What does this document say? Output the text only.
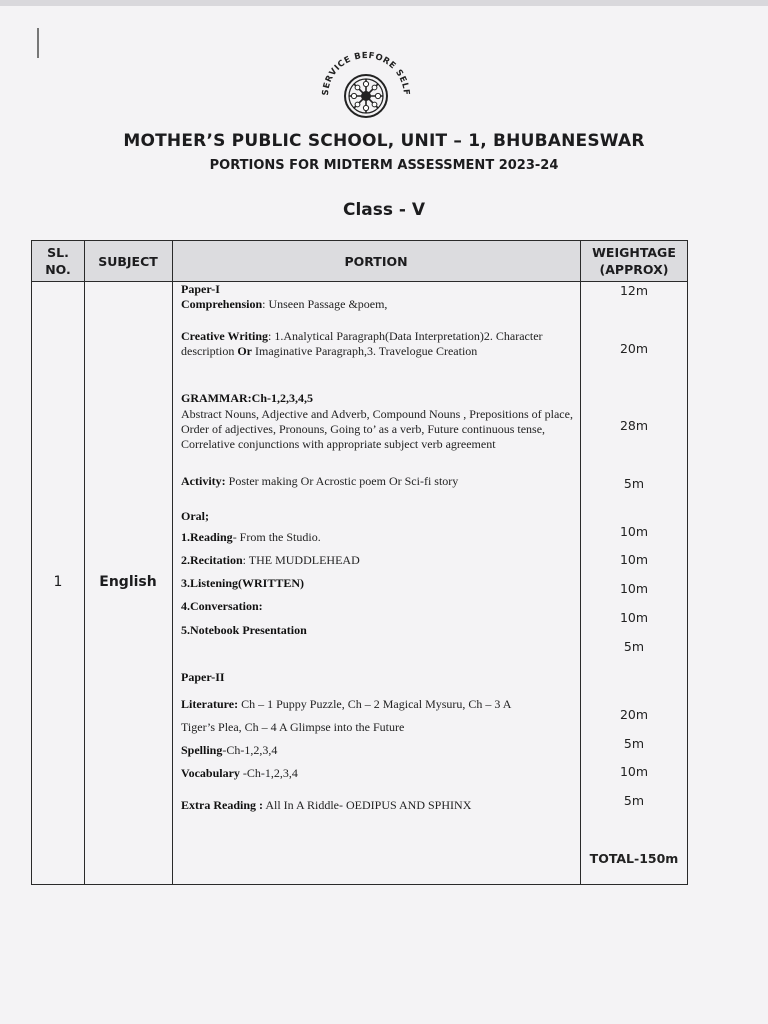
SERVICE BEFORE SELF
MOTHER’S PUBLIC SCHOOL, UNIT – 1, BHUBANESWAR
PORTIONS FOR MIDTERM ASSESSMENT 2023-24
Class - V
SL.
NO.
SUBJECT	PORTION
WEIGHTAGE
(APPROX)
1	English
Paper-I
Comprehension: Unseen Passage &poem,
Creative Writing: 1.Analytical Paragraph(Data Interpretation)2. Character description Or Imaginative Paragraph,3. Travelogue Creation
GRAMMAR:Ch-1,2,3,4,5
Abstract Nouns, Adjective and Adverb, Compound Nouns , Prepositions of place, Order of adjectives, Pronouns, Going to’ as a verb, Future continuous tense, Correlative conjunctions with appropriate subject verb agreement
Activity: Poster making Or Acrostic poem Or Sci-fi story
Oral;
1.Reading- From the Studio.
2.Recitation: THE MUDDLEHEAD
3.Listening(WRITTEN)
4.Conversation:
5.Notebook Presentation
Paper-II
Literature: Ch – 1 Puppy Puzzle, Ch – 2 Magical Mysuru, Ch – 3 A
Tiger’s Plea, Ch – 4 A Glimpse into the Future
Spelling-Ch-1,2,3,4
Vocabulary -Ch-1,2,3,4
Extra Reading : All In A Riddle- OEDIPUS AND SPHINX
12m
20m
28m
5m
10m
10m
10m
10m
5m
20m
5m
10m
5m
TOTAL-150m
